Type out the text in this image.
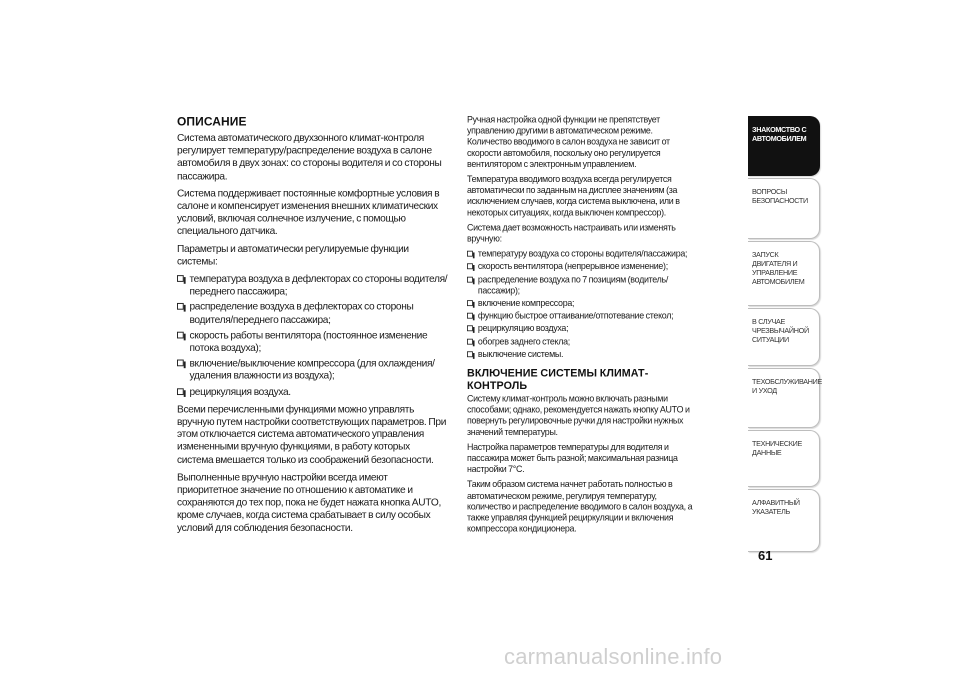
ОПИСАНИЕ

Система автоматического двухзонного климат-контроля регулирует температуру/распределение воздуха в салоне автомобиля в двух зонах: со стороны водителя и со стороны пассажира.

Система поддерживает постоянные комфортные условия в салоне и компенсирует изменения внешних климатических условий, включая солнечное излучение, с помощью специального датчика.

Параметры и автоматически регулируемые функции системы:

температура воздуха в дефлекторах со стороны водителя/переднего пассажира;
распределение воздуха в дефлекторах со стороны водителя/переднего пассажира;
скорость работы вентилятора (постоянное изменение потока воздуха);
включение/выключение компрессора (для охлаждения/удаления влажности из воздуха);
рециркуляция воздуха.

Всеми перечисленными функциями можно управлять вручную путем настройки соответствующих параметров. При этом отключается система автоматического управления измененными вручную функциями, в работу которых система вмешается только из соображений безопасности.

Выполненные вручную настройки всегда имеют приоритетное значение по отношению к автоматике и сохраняются до тех пор, пока не будет нажата кнопка AUTO, кроме случаев, когда система срабатывает в силу особых условий для соблюдения безопасности.

Ручная настройка одной функции не препятствует управлению другими в автоматическом режиме. Количество вводимого в салон воздуха не зависит от скорости автомобиля, поскольку оно регулируется вентилятором с электронным управлением.

Температура вводимого воздуха всегда регулируется автоматически по заданным на дисплее значениям (за исключением случаев, когда система выключена, или в некоторых ситуациях, когда выключен компрессор).

Система дает возможность настраивать или изменять вручную:

температуру воздуха со стороны водителя/пассажира;
скорость вентилятора (непрерывное изменение);
распределение воздуха по 7 позициям (водитель/пассажир);
включение компрессора;
функцию быстрое оттаивание/отпотевание стекол;
рециркуляцию воздуха;
обогрев заднего стекла;
выключение системы.
ВКЛЮЧЕНИЕ СИСТЕМЫ КЛИМАТ-КОНТРОЛЬ

Систему климат-контроль можно включать разными способами; однако, рекомендуется нажать кнопку AUTO и повернуть регулировочные ручки для настройки нужных значений температуры.

Настройка параметров температуры для водителя и пассажира может быть разной; максимальная разница настройки 7°C.

Таким образом система начнет работать полностью в автоматическом режиме, регулируя температуру, количество и распределение вводимого в салон воздуха, а также управляя функцией рециркуляции и включения компрессора кондиционера.

ЗНАКОМСТВО С
АВТОМОБИЛЕМ
ВОПРОСЫ
БЕЗОПАСНОСТИ
ЗАПУСК ДВИГАТЕЛЯ И
УПРАВЛЕНИЕ
АВТОМОБИЛЕМ
В СЛУЧАЕ
ЧРЕЗВЫЧАЙНОЙ
СИТУАЦИИ
ТЕХОБСЛУЖИВАНИЕ
И УХОД
ТЕХНИЧЕСКИЕ
ДАННЫЕ
АЛФАВИТНЫЙ
УКАЗАТЕЛЬ
61
carmanualsonline.info
